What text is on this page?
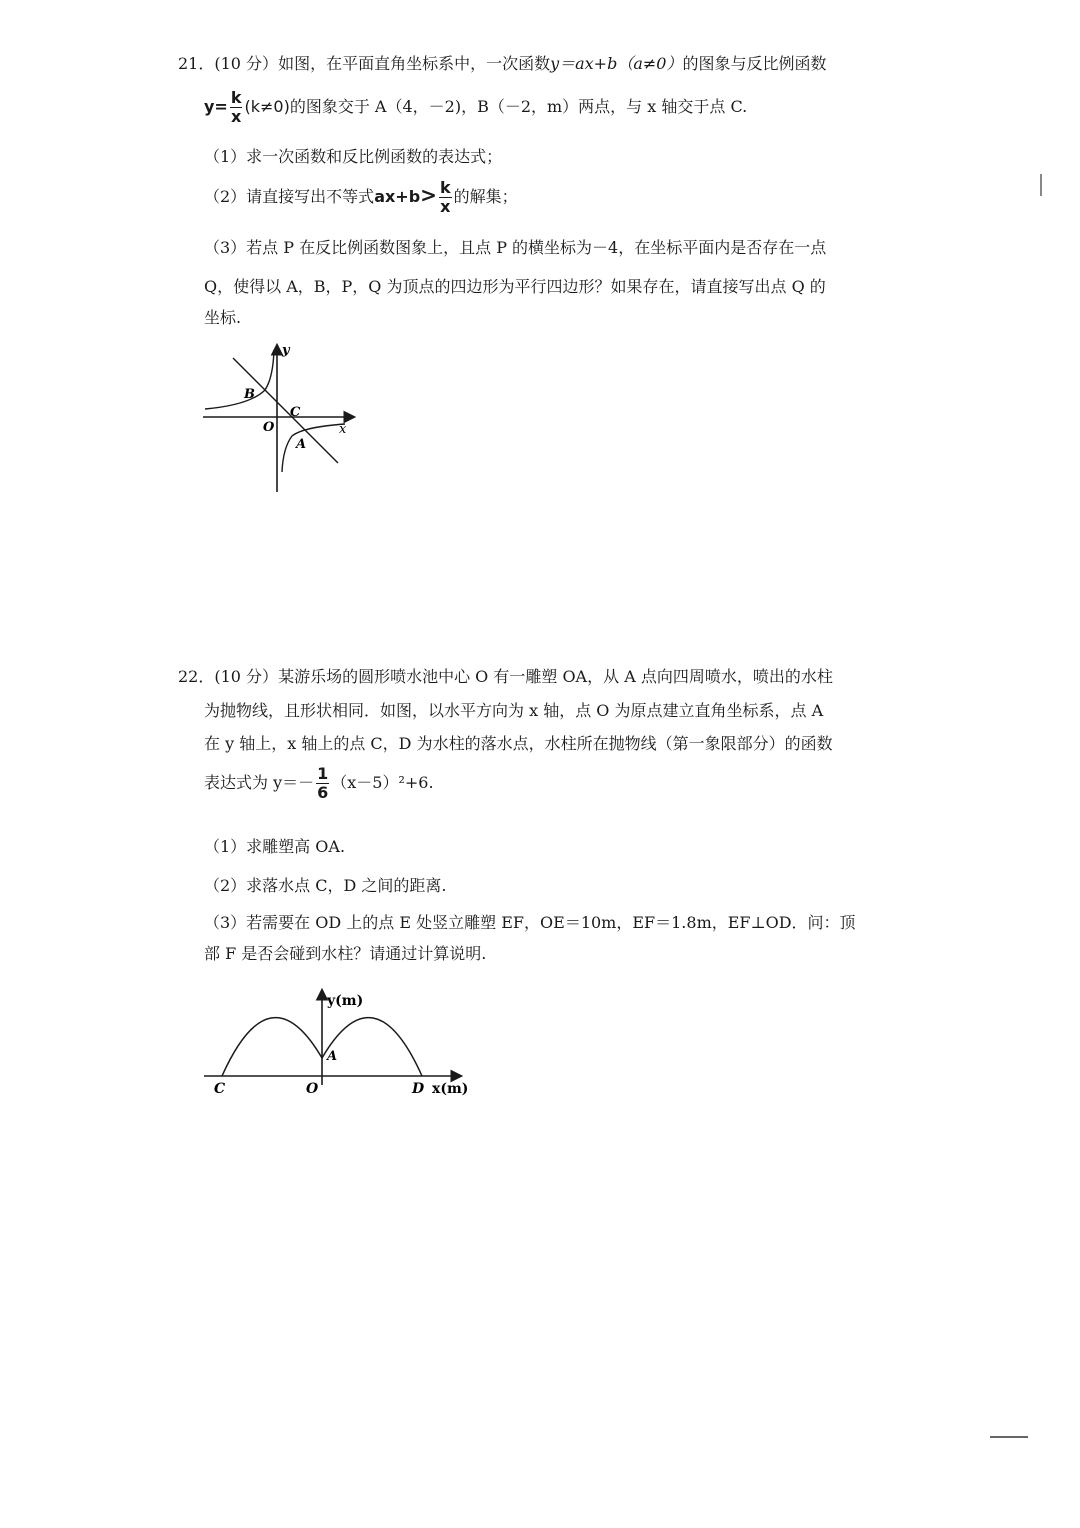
21．(10 分）如图，在平面直角坐标系中，一次函数y＝ax+b（a≠0）的图象与反比例函数
$y= \frac{k}{x} (k\ne 0)$的图象交于 A（4，－2)，B（－2，m）两点，与 x 轴交于点 C.
（1）求一次函数和反比例函数的表达式；
（2）请直接写出不等式$ax+b> \frac{k}{x}$ 的解集；
（3）若点 P 在反比例函数图象上，且点 P 的横坐标为－4，在坐标平面内是否存在一点
Q，使得以 A，B，P，Q 为顶点的四边形为平行四边形？如果存在，请直接写出点 Q 的
坐标.
y
x
O
B
C
A
22．(10 分）某游乐场的圆形喷水池中心 O 有一雕塑 OA，从 A 点向四周喷水，喷出的水柱
为抛物线，且形状相同．如图，以水平方向为 x 轴，点 O 为原点建立直角坐标系，点 A
在 y 轴上，x 轴上的点 C，D 为水柱的落水点，水柱所在抛物线（第一象限部分）的函数
表达式为 $y=- \frac{1}{6} (x-5)^2+6$.
（1）求雕塑高 OA.
（2）求落水点 C，D 之间的距离.
（3）若需要在 OD 上的点 E 处竖立雕塑 EF，OE＝10m，EF＝1.8m，EF⊥OD．问：顶
部 F 是否会碰到水柱？请通过计算说明.
y(m)
A
C	O	D x(m)
